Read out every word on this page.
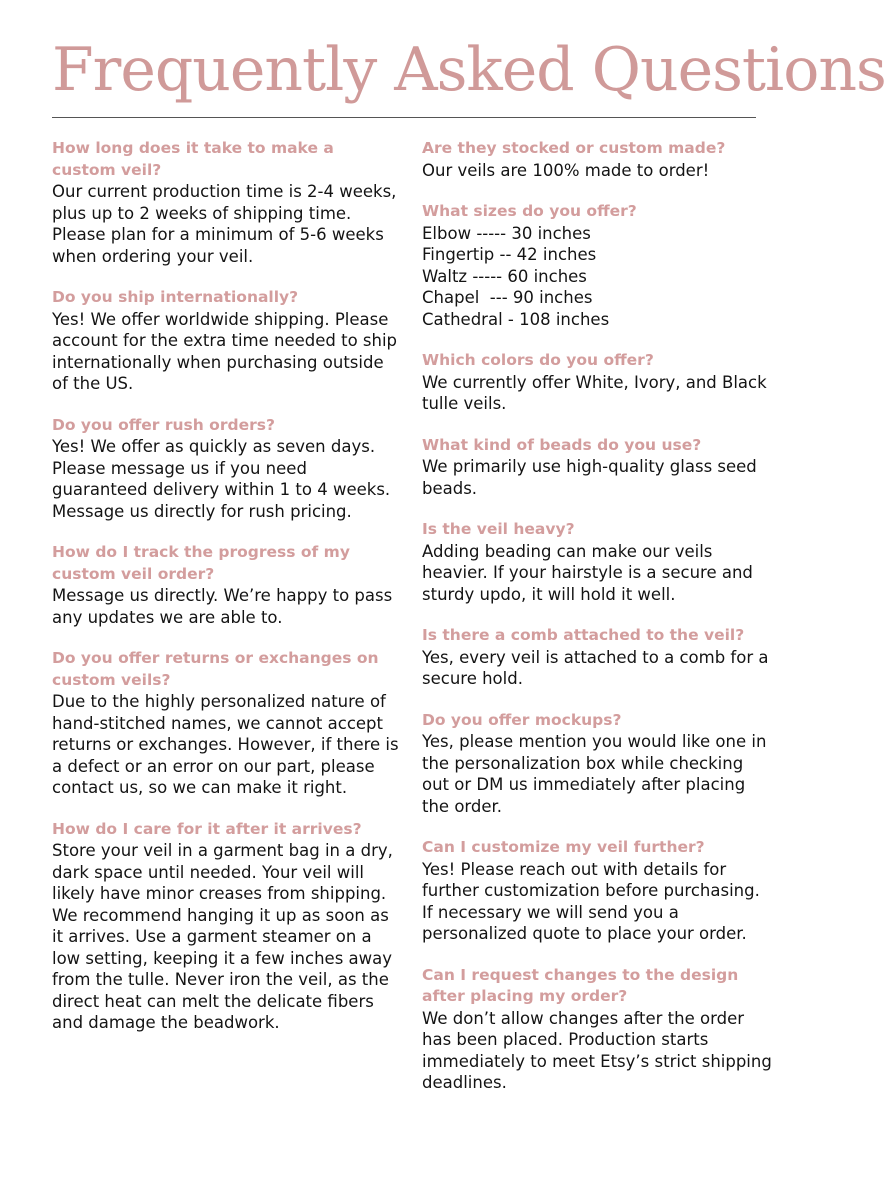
Frequently Asked Questions
How long does it take to make a custom veil?
Our current production time is 2-4 weeks, plus up to 2 weeks of shipping time. Please plan for a minimum of 5-6 weeks when ordering your veil.
Do you ship internationally?
Yes! We offer worldwide shipping. Please account for the extra time needed to ship internationally when purchasing outside of the US.
Do you offer rush orders?
Yes! We offer as quickly as seven days. Please message us if you need guaranteed delivery within 1 to 4 weeks. Message us directly for rush pricing.
How do I track the progress of my custom veil order?
Message us directly. We’re happy to pass any updates we are able to.
Do you offer returns or exchanges on custom veils?
Due to the highly personalized nature of hand-stitched names, we cannot accept returns or exchanges. However, if there is a defect or an error on our part, please contact us, so we can make it right.
How do I care for it after it arrives?
Store your veil in a garment bag in a dry, dark space until needed. Your veil will likely have minor creases from shipping. We recommend hanging it up as soon as it arrives. Use a garment steamer on a low setting, keeping it a few inches away from the tulle. Never iron the veil, as the direct heat can melt the delicate fibers and damage the beadwork.
Are they stocked or custom made?
Our veils are 100% made to order!
What sizes do you offer?
Elbow ----- 30 inches
Fingertip -- 42 inches
Waltz ----- 60 inches
Chapel  --- 90 inches
Cathedral - 108 inches
Which colors do you offer?
We currently offer White, Ivory, and Black tulle veils.
What kind of beads do you use?
We primarily use high-quality glass seed beads.
Is the veil heavy?
Adding beading can make our veils heavier. If your hairstyle is a secure and sturdy updo, it will hold it well.
Is there a comb attached to the veil?
Yes, every veil is attached to a comb for a secure hold.
Do you offer mockups?
Yes, please mention you would like one in the personalization box while checking out or DM us immediately after placing the order.
Can I customize my veil further?
Yes! Please reach out with details for further customization before purchasing. If necessary we will send you a personalized quote to place your order.
Can I request changes to the design after placing my order?
We don’t allow changes after the order has been placed. Production starts immediately to meet Etsy’s strict shipping deadlines.
